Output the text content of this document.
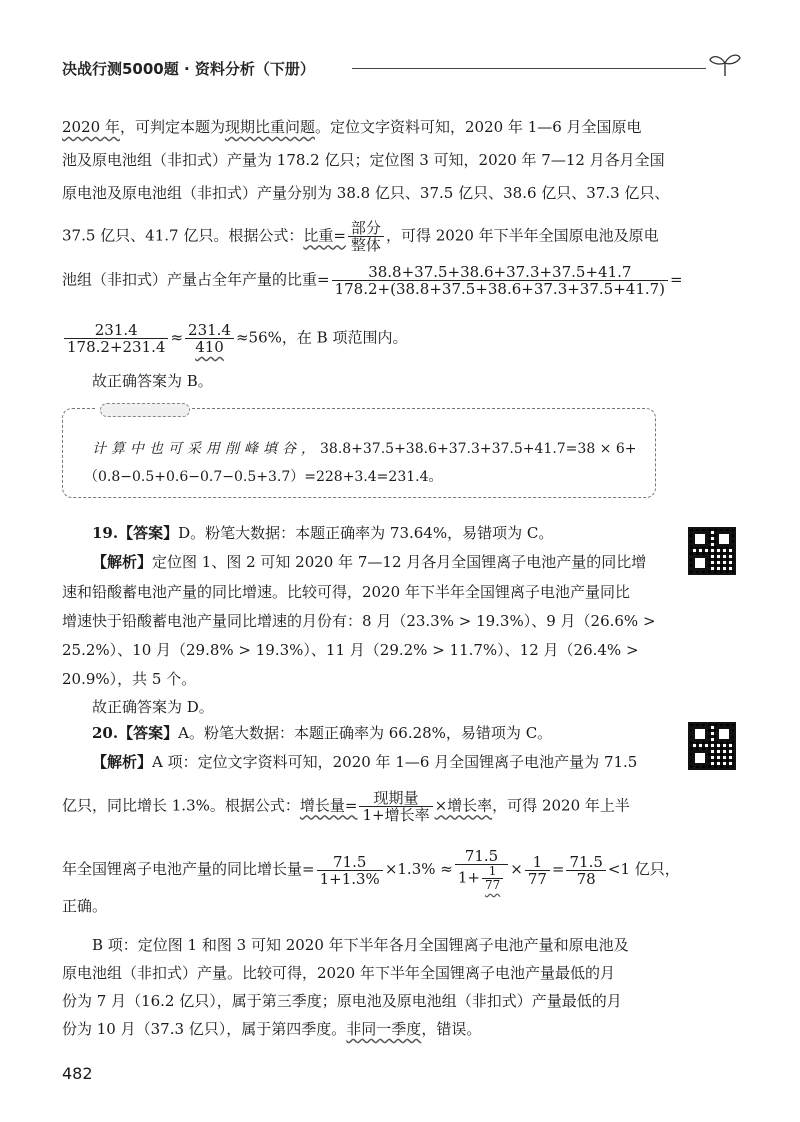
决战行测5000题 · 资料分析（下册）
2020 年，可判定本题为现期比重问题。定位文字资料可知，2020 年 1—6 月全国原电
池及原电池组（非扣式）产量为 178.2 亿只；定位图 3 可知，2020 年 7—12 月各月全国
原电池及原电池组（非扣式）产量分别为 38.8 亿只、37.5 亿只、38.6 亿只、37.3 亿只、
37.5 亿只、41.7 亿只。根据公式：比重= $\frac{\text{部分}}{\text{整体}}$ ，可得 2020 年下半年全国原电池及原电
池组（非扣式）产量占全年产量的比重= $\frac{38.8+37.5+38.6+37.3+37.5+41.7}{178.2+(38.8+37.5+38.6+37.3+37.5+41.7)}$ =
$\frac{231.4}{178.2+231.4} \approx \frac{231.4}{410} \approx 56\%$，在 B 项范围内。
故正确答案为 B。
计算中也可采用削峰填谷，38.8+37.5+38.6+37.3+37.5+41.7=38 × 6+
（0.8−0.5+0.6−0.7−0.5+3.7）=228+3.4=231.4。
19.【答案】D。粉笔大数据：本题正确率为 73.64%，易错项为 C。
【解析】定位图 1、图 2 可知 2020 年 7—12 月各月全国锂离子电池产量的同比增
速和铅酸蓄电池产量的同比增速。比较可得，2020 年下半年全国锂离子电池产量同比
增速快于铅酸蓄电池产量同比增速的月份有：8 月（23.3% > 19.3%）、9 月（26.6% >
25.2%）、10 月（29.8% > 19.3%）、11 月（29.2% > 11.7%）、12 月（26.4% >
20.9%），共 5 个。
故正确答案为 D。
20.【答案】A。粉笔大数据：本题正确率为 66.28%，易错项为 C。
【解析】A 项：定位文字资料可知，2020 年 1—6 月全国锂离子电池产量为 71.5
亿只，同比增长 1.3%。根据公式：增长量= $\frac{\text{现期量}}{\text{1+增长率}}$ ×增长率，可得 2020 年上半
年全国锂离子电池产量的同比增长量= $\frac{71.5}{1+1.3\%} \times 1.3\% \approx \frac{71.5}{1+ \frac{1}{77}} \times \frac{1}{77} = \frac{71.5}{78} <1$ 亿只，
正确。
B 项：定位图 1 和图 3 可知 2020 年下半年各月全国锂离子电池产量和原电池及
原电池组（非扣式）产量。比较可得，2020 年下半年全国锂离子电池产量最低的月
份为 7 月（16.2 亿只），属于第三季度；原电池及原电池组（非扣式）产量最低的月
份为 10 月（37.3 亿只），属于第四季度。非同一季度，错误。
482
